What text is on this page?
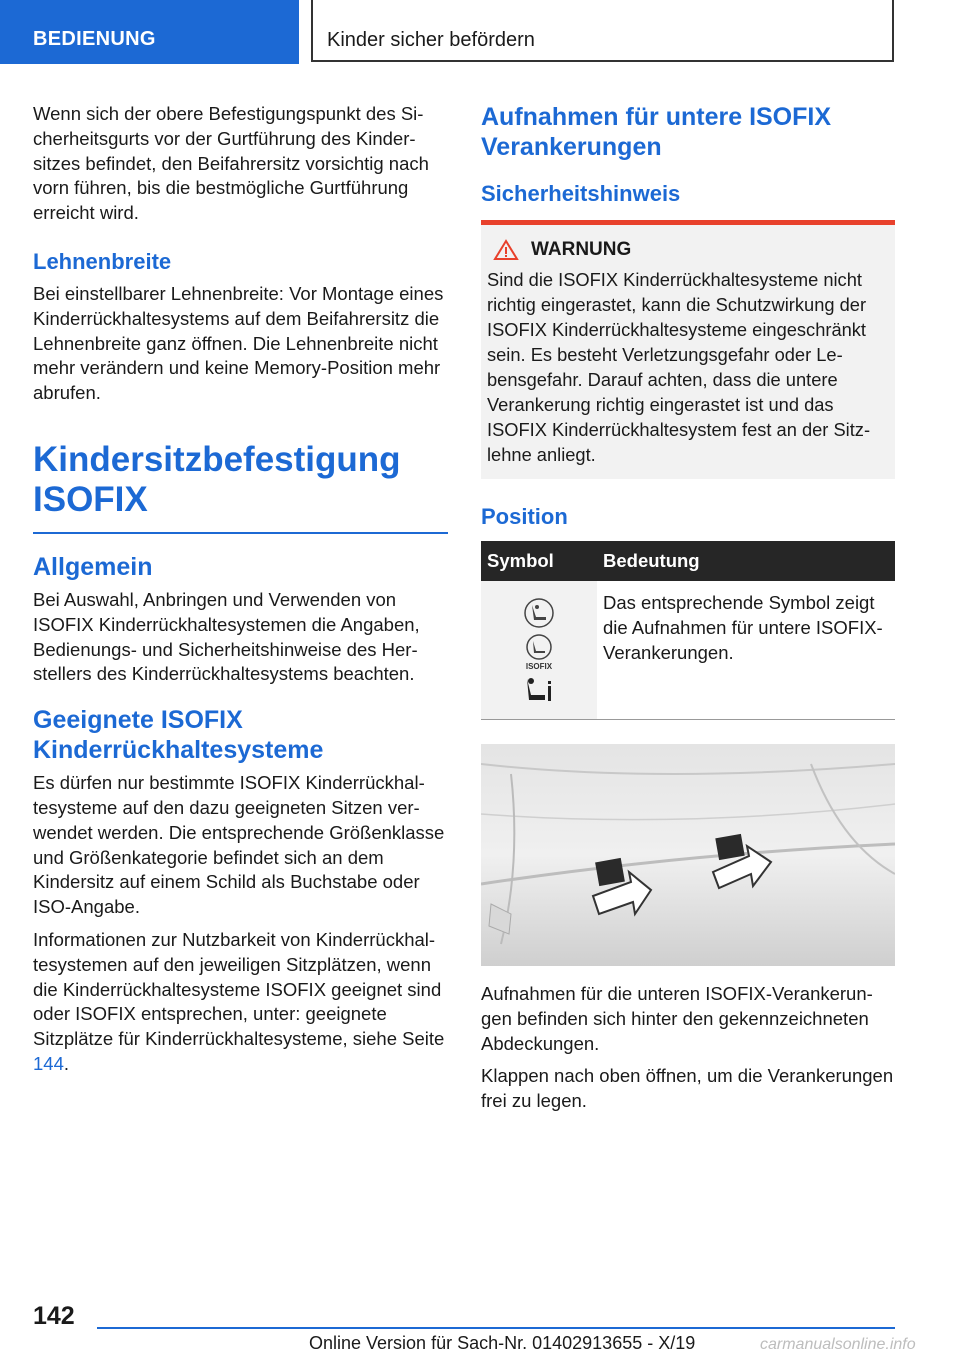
BEDIENUNG	Kinder sicher befördern

Wenn sich der obere Befestigungspunkt des Sicherheitsgurts vor der Gurtführung des Kindersitzes befindet, den Beifahrersitz vorsichtig nach vorn führen, bis die bestmögliche Gurtführung erreicht wird.

Lehnenbreite

Bei einstellbarer Lehnenbreite: Vor Montage eines Kinderrückhaltesystems auf dem Beifahrersitz die Lehnenbreite ganz öffnen. Die Lehnenbreite nicht mehr verändern und keine Memory-Position mehr abrufen.

Kindersitzbefestigung ISOFIX
Allgemein

Bei Auswahl, Anbringen und Verwenden von ISOFIX Kinderrückhaltesystemen die Angaben, Bedienungs- und Sicherheitshinweise des Herstellers des Kinderrückhaltesystems beachten.

Geeignete ISOFIX Kinderrückhaltesysteme

Es dürfen nur bestimmte ISOFIX Kinderrückhaltesysteme auf den dazu geeigneten Sitzen verwendet werden. Die entsprechende Größenklasse und Größenkategorie befindet sich an dem Kindersitz auf einem Schild als Buchstabe oder ISO-Angabe.

Informationen zur Nutzbarkeit von Kinderrückhaltesystemen auf den jeweiligen Sitzplätzen, wenn die Kinderrückhaltesysteme ISOFIX geeignet sind oder ISOFIX entsprechen, unter: geeignete Sitzplätze für Kinderrückhaltesysteme, siehe Seite 144.

Aufnahmen für untere ISOFIX Verankerungen
Sicherheitshinweis
WARNUNG

Sind die ISOFIX Kinderrückhaltesysteme nicht richtig eingerastet, kann die Schutzwirkung der ISOFIX Kinderrückhaltesysteme eingeschränkt sein. Es besteht Verletzungsgefahr oder Lebensgefahr. Darauf achten, dass die untere Verankerung richtig eingerastet ist und das ISOFIX Kinderrückhaltesystem fest an der Sitzlehne anliegt.

Position
Symbol	Bedeutung

ISOFIX	Das entsprechende Symbol zeigt die Aufnahmen für untere ISOFIX-Verankerungen.

Aufnahmen für die unteren ISOFIX-Verankerungen befinden sich hinter den gekennzeichneten Abdeckungen.

Klappen nach oben öffnen, um die Verankerungen frei zu legen.

142
Online Version für Sach-Nr. 01402913655 - X/19	carmanualsonline.info
